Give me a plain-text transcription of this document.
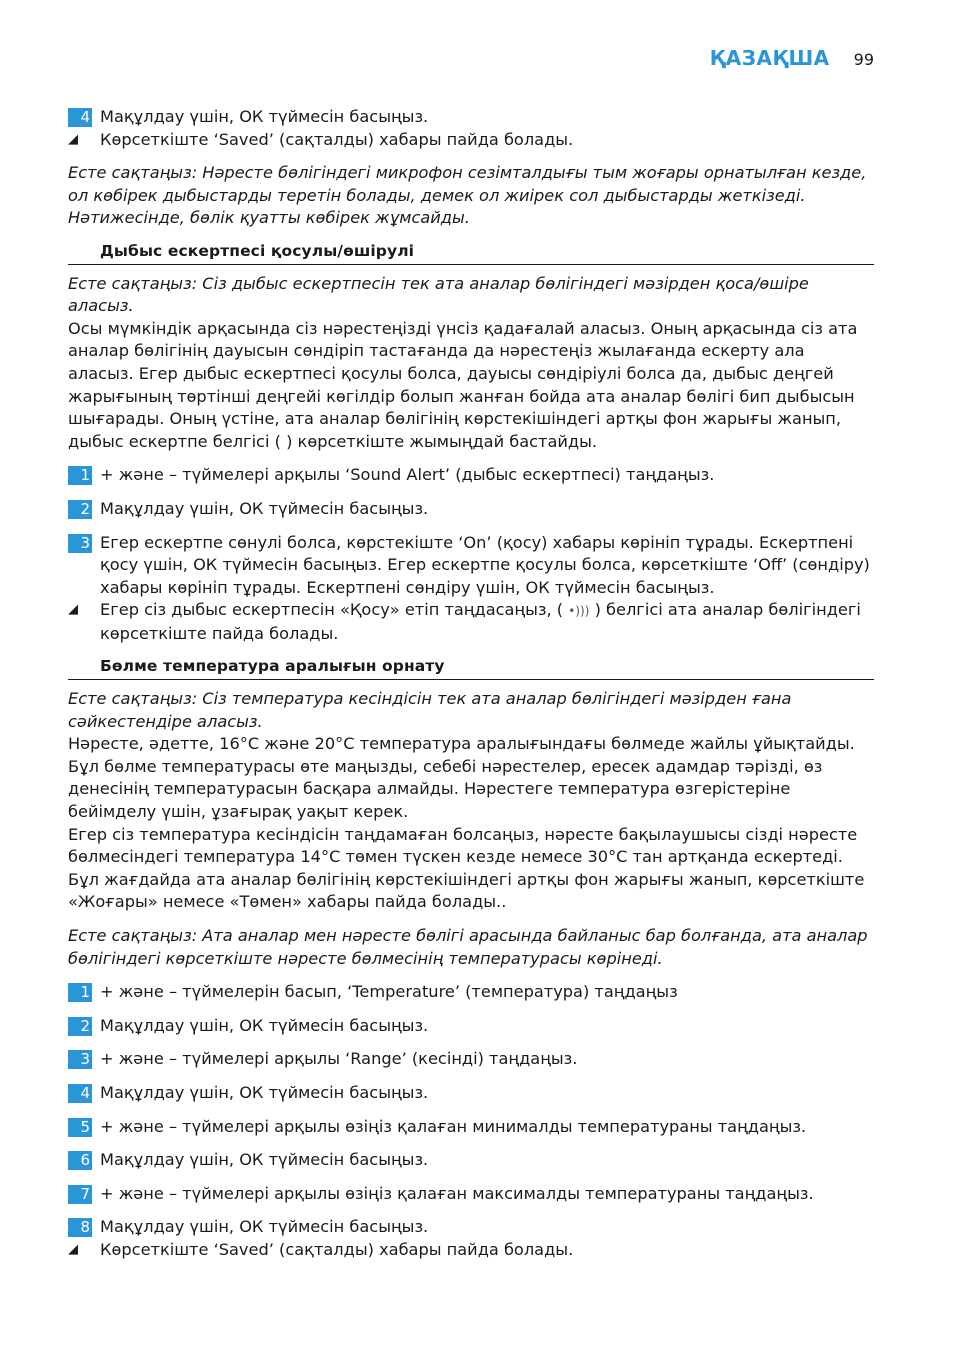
ҚАЗАҚША 99
4 Мақұлдау үшін, ОК түймесін басыңыз.
◢	Көрсеткіште ‘Saved’ (сақталды) хабары пайда болады.
Есте сақтаңыз: Нәресте бөлігіндегі микрофон сезімталдығы тым жоғары орнатылған кезде, ол көбірек дыбыстарды теретін болады, демек ол жиірек сол дыбыстарды жеткізеді. Нәтижесінде, бөлік қуатты көбірек жұмсайды.
Дыбыс ескертпесі қосулы/өшірулі
Есте сақтаңыз: Сіз дыбыс ескертпесін тек ата аналар бөлігіндегі мәзірден қоса/өшіре аласыз.
Осы мүмкіндік арқасында сіз нәрестеңізді үнсіз қадағалай аласыз. Оның арқасында сіз ата аналар бөлігінің дауысын сөндіріп тастағанда да нәрестеңіз жылағанда ескерту ала аласыз. Егер дыбыс ескертпесі қосулы болса, дауысы сөндіріулі болса да, дыбыс деңгей жарығының төртінші деңгейі көгілдір болып жанған бойда ата аналар бөлігі бип дыбысын шығарады. Оның үстіне, ата аналар бөлігінің көрстекішіндегі артқы фон жарығы жанып, дыбыс ескертпе белгісі ( ) көрсеткіште жымыңдай бастайды.
1 + және – түймелері арқылы ‘Sound Alert’ (дыбыс ескертпесі) таңдаңыз.
2 Мақұлдау үшін, ОК түймесін басыңыз.
3 Егер ескертпе сөнулі болса, көрстекіште ‘On’ (қосу) хабары көрініп тұрады. Ескертпені қосу үшін, ОК түймесін басыңыз. Егер ескертпе қосулы болса, көрсеткіште ‘Off’ (сөндіру) хабары көрініп тұрады. Ескертпені сөндіру үшін, ОК түймесін басыңыз.
◢	Егер сіз дыбыс ескертпесін «Қосу» етіп таңдасаңыз, ( •))) ) белгісі ата аналар бөлігіндегі көрсеткіште пайда болады.
Бөлме температура аралығын орнату
Есте сақтаңыз: Сіз температура кесіндісін тек ата аналар бөлігіндегі мәзірден ғана сәйкестендіре аласыз.
Нәресте, әдетте, 16°C және 20°C температура аралығындағы бөлмеде жайлы ұйықтайды. Бұл бөлме температурасы өте маңызды, себебі нәрестелер, ересек адамдар тәрізді, өз денесінің температурасын басқара алмайды. Нәрестеге температура өзгерістеріне бейімделу үшін, ұзағырақ уақыт керек.
Егер сіз температура кесіндісін таңдамаған болсаңыз, нәресте бақылаушысы сізді нәресте бөлмесіндегі температура 14°C төмен түскен кезде немесе 30°C тан артқанда ескертеді. Бұл жағдайда ата аналар бөлігінің көрстекішіндегі артқы фон жарығы жанып, көрсеткіште «Жоғары» немесе «Төмен» хабары пайда болады..
Есте сақтаңыз: Ата аналар мен нәресте бөлігі арасында байланыс бар болғанда, ата аналар бөлігіндегі көрсеткіште нәресте бөлмесінің температурасы көрінеді.
1 + және – түймелерін басып, ‘Temperature’ (температура) таңдаңыз
2 Мақұлдау үшін, ОК түймесін басыңыз.
3 + және – түймелері арқылы ‘Range’ (кесінді) таңдаңыз.
4 Мақұлдау үшін, ОК түймесін басыңыз.
5 + және – түймелері арқылы өзіңіз қалаған минималды температураны таңдаңыз.
6 Мақұлдау үшін, ОК түймесін басыңыз.
7 + және – түймелері арқылы өзіңіз қалаған максималды температураны таңдаңыз.
8 Мақұлдау үшін, ОК түймесін басыңыз.
◢	Көрсеткіште ‘Saved’ (сақталды) хабары пайда болады.
